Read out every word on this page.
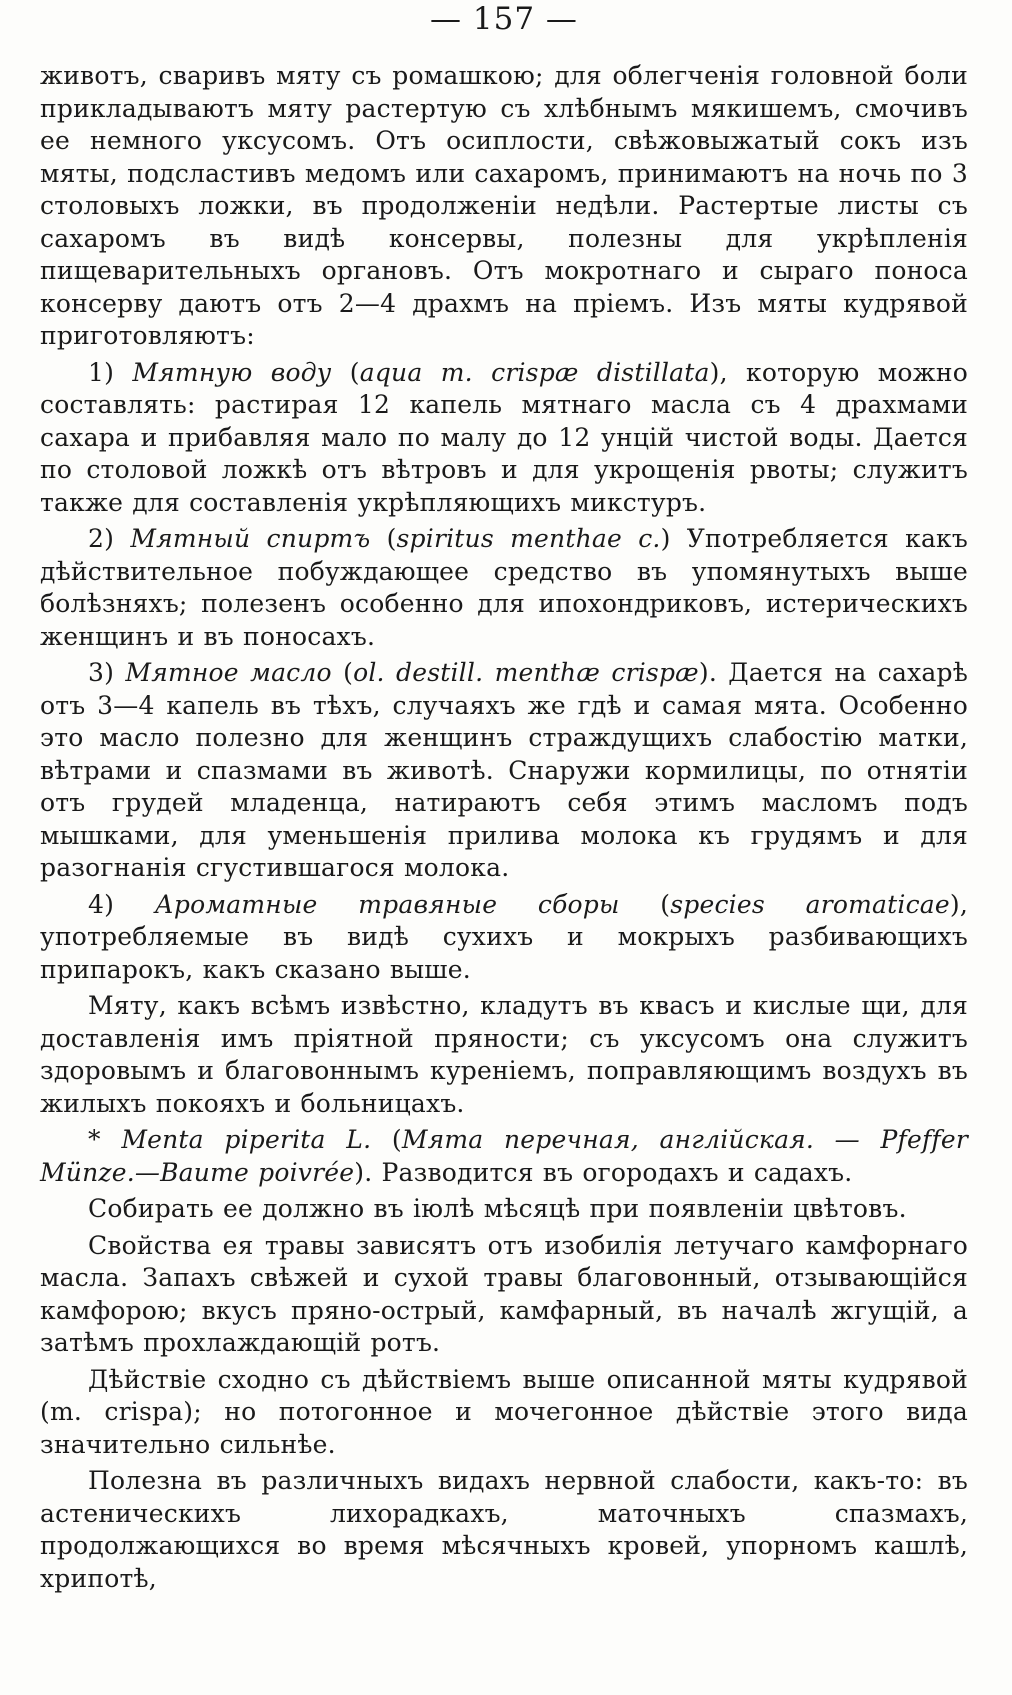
— 157 —

животъ, сваривъ мяту съ ромашкою; для облегченія головной боли прикладываютъ мяту растертую съ хлѣбнымъ мякишемъ, смочивъ ее немного уксусомъ. Отъ осиплости, свѣжовыжатый сокъ изъ мяты, подсластивъ медомъ или сахаромъ, принимаютъ на ночь по 3 столовыхъ ложки, въ продолженіи недѣли. Растертые листы съ сахаромъ въ видѣ консервы, полезны для укрѣпленія пищеварительныхъ органовъ. Отъ мокротнаго и сыраго поноса консерву даютъ отъ 2—4 драхмъ на пріемъ. Изъ мяты кудрявой приготовляютъ:

1) Мятную воду (aqua m. crispæ distillata), которую можно составлять: растирая 12 капель мятнаго масла съ 4 драхмами сахара и прибавляя мало по малу до 12 унцій чистой воды. Дается по столовой ложкѣ отъ вѣтровъ и для укрощенія рвоты; служитъ также для составленія укрѣпляющихъ микстуръ.

2) Мятный спиртъ (spiritus menthae c.) Употребляется какъ дѣйствительное побуждающее средство въ упомянутыхъ выше болѣзняхъ; полезенъ особенно для ипохондриковъ, истерическихъ женщинъ и въ поносахъ.

3) Мятное масло (ol. destill. menthæ crispæ). Дается на сахарѣ отъ 3—4 капель въ тѣхъ, случаяхъ же гдѣ и самая мята. Особенно это масло полезно для женщинъ страждущихъ слабостію матки, вѣтрами и спазмами въ животѣ. Снаружи кормилицы, по отнятіи отъ грудей младенца, натираютъ себя этимъ масломъ подъ мышками, для уменьшенія прилива молока къ грудямъ и для разогнанія сгустившагося молока.

4) Ароматные травяные сборы (species aromaticae), употребляемые въ видѣ сухихъ и мокрыхъ разбивающихъ припарокъ, какъ сказано выше.

Мяту, какъ всѣмъ извѣстно, кладутъ въ квасъ и кислые щи, для доставленія имъ пріятной пряности; съ уксусомъ она служитъ здоровымъ и благовоннымъ куреніемъ, поправляющимъ воздухъ въ жилыхъ покояхъ и больницахъ.

* Menta piperita L. (Мята перечная, англійская. — Pfeffer Münze.—Baume poivrée). Разводится въ огородахъ и садахъ.

Собирать ее должно въ іюлѣ мѣсяцѣ при появленіи цвѣтовъ.

Свойства ея травы зависятъ отъ изобилія летучаго камфорнаго масла. Запахъ свѣжей и сухой травы благовонный, отзывающійся камфорою; вкусъ пряно-острый, камфарный, въ началѣ жгущій, а затѣмъ прохлаждающій ротъ.

Дѣйствіе сходно съ дѣйствіемъ выше описанной мяты кудрявой (m. crispa); но потогонное и мочегонное дѣйствіе этого вида значительно сильнѣе.

Полезна въ различныхъ видахъ нервной слабости, какъ-то: въ астеническихъ лихорадкахъ, маточныхъ спазмахъ, продолжающихся во время мѣсячныхъ кровей, упорномъ кашлѣ, хрипотѣ,
